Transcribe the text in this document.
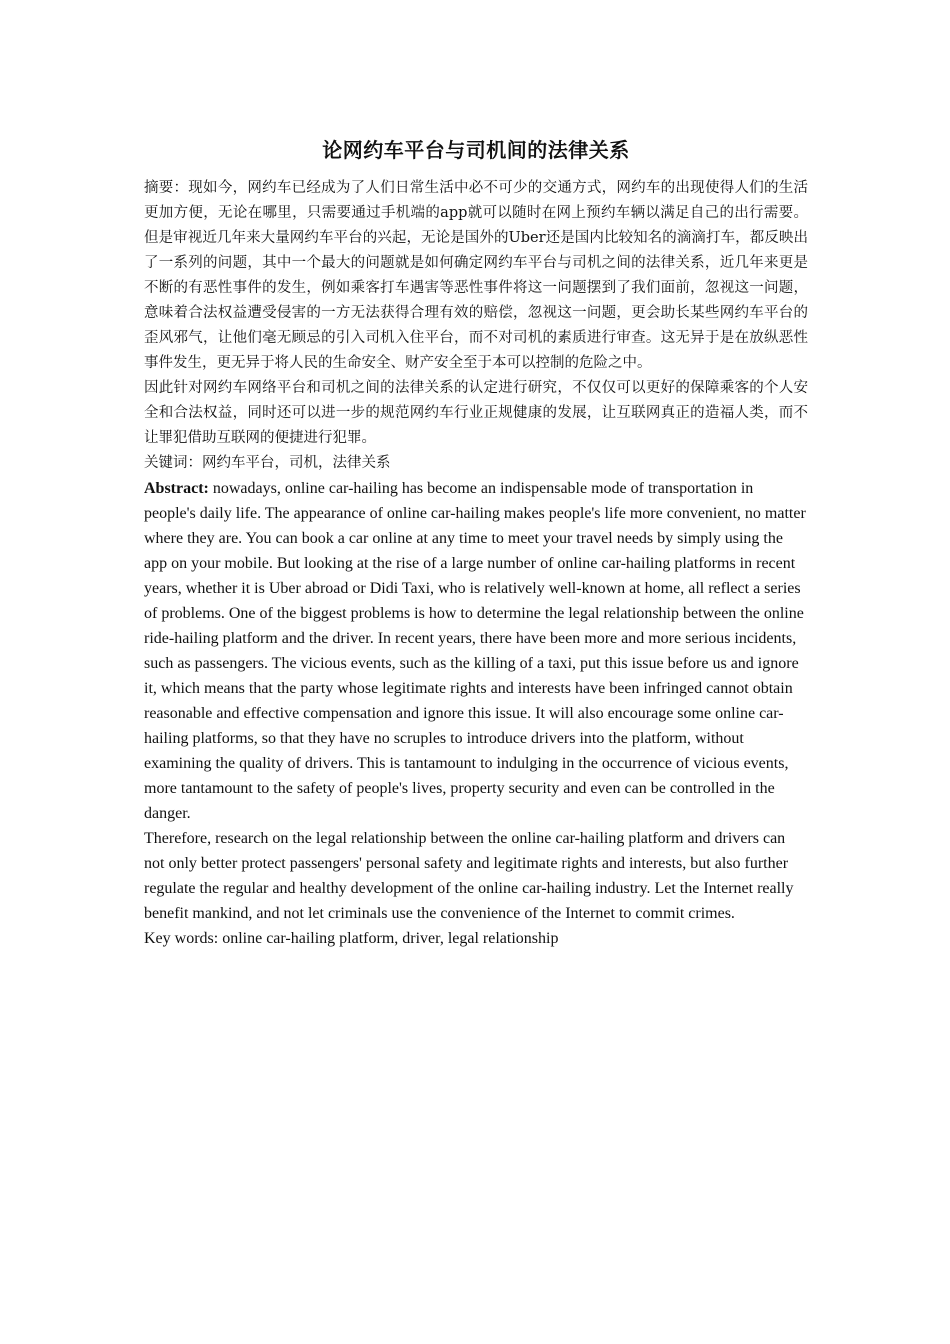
论网约车平台与司机间的法律关系

摘要：现如今，网约车已经成为了人们日常生活中必不可少的交通方式，网约车的出现使得人们的生活更加方便，无论在哪里，只需要通过手机端的app就可以随时在网上预约车辆以满足自己的出行需要。但是审视近几年来大量网约车平台的兴起，无论是国外的Uber还是国内比较知名的滴滴打车，都反映出了一系列的问题，其中一个最大的问题就是如何确定网约车平台与司机之间的法律关系，近几年来更是不断的有恶性事件的发生，例如乘客打车遇害等恶性事件将这一问题摆到了我们面前，忽视这一问题，意味着合法权益遭受侵害的一方无法获得合理有效的赔偿，忽视这一问题，更会助长某些网约车平台的歪风邪气，让他们毫无顾忌的引入司机入住平台，而不对司机的素质进行审查。这无异于是在放纵恶性事件发生，更无异于将人民的生命安全、财产安全至于本可以控制的危险之中。

因此针对网约车网络平台和司机之间的法律关系的认定进行研究，不仅仅可以更好的保障乘客的个人安全和合法权益，同时还可以进一步的规范网约车行业正规健康的发展，让互联网真正的造福人类，而不让罪犯借助互联网的便捷进行犯罪。

关键词：网约车平台，司机，法律关系

Abstract: nowadays, online car-hailing has become an indispensable mode of transportation in people's daily life. The appearance of online car-hailing makes people's life more convenient, no matter where they are. You can book a car online at any time to meet your travel needs by simply using the app on your mobile. But looking at the rise of a large number of online car-hailing platforms in recent years, whether it is Uber abroad or Didi Taxi, who is relatively well-known at home, all reflect a series of problems. One of the biggest problems is how to determine the legal relationship between the online ride-hailing platform and the driver. In recent years, there have been more and more serious incidents, such as passengers. The vicious events, such as the killing of a taxi, put this issue before us and ignore it, which means that the party whose legitimate rights and interests have been infringed cannot obtain reasonable and effective compensation and ignore this issue. It will also encourage some online car-hailing platforms, so that they have no scruples to introduce drivers into the platform, without examining the quality of drivers. This is tantamount to indulging in the occurrence of vicious events, more tantamount to the safety of people's lives, property security and even can be controlled in the danger.

Therefore, research on the legal relationship between the online car-hailing platform and drivers can not only better protect passengers' personal safety and legitimate rights and interests, but also further regulate the regular and healthy development of the online car-hailing industry. Let the Internet really benefit mankind, and not let criminals use the convenience of the Internet to commit crimes.

Key words: online car-hailing platform, driver, legal relationship
